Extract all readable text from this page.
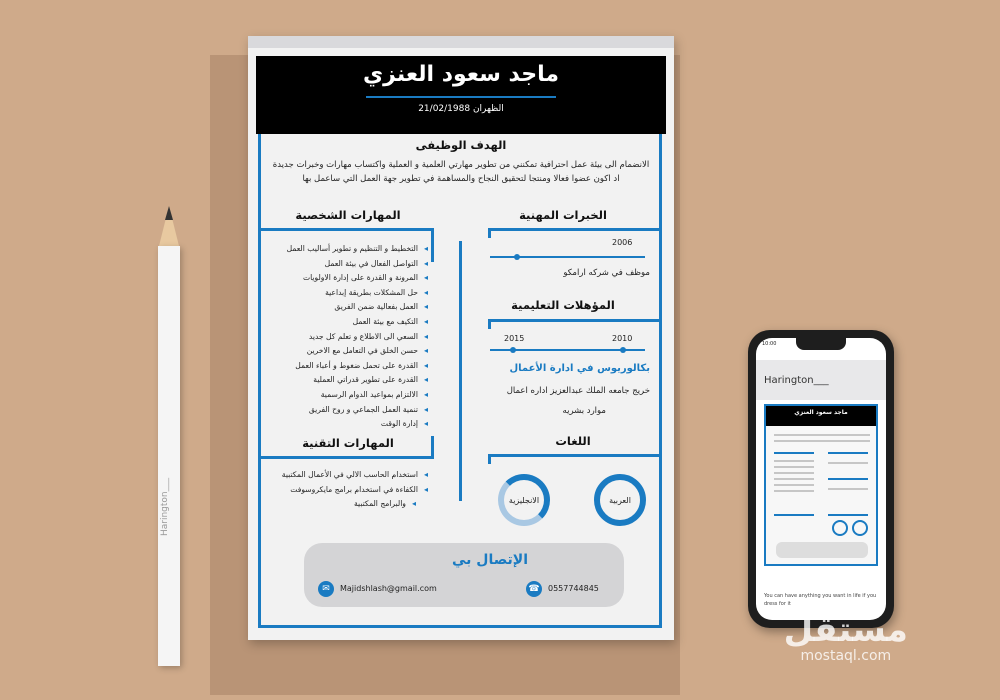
Harington___
ماجد سعود العنزي
الظهران 21/02/1988
الهدف الوظيفى
الانضمام الى بيئة عمل احترافية تمكنني من تطوير مهارتي العلمية و العملية واكتساب مهارات وخبرات جديدة اد اكون عضوا فعالا ومنتجا لتحقيق النجاح والمساهمة في تطوير جهة العمل التي ساعمل بها
المهارات الشخصية
◂ التخطيط و التنظيم و تطوير أساليب العمل
◂ التواصل الفعال في بيئة العمل
◂ المرونة و القدرة على إدارة الاولويات
◂ حل المشكلات بطريقة إبداعية
◂ العمل بفعالية ضمن الفريق
◂ التكيف مع بيئة العمل
◂ السعي الى الاطلاع و تعلم كل جديد
◂ حسن الخلق في التعامل مع الاخرين
◂ القدرة على تحمل ضغوط و أعباء العمل
◂ القدرة على تطوير قدراتي العملية
◂ الالتزام بمواعيد الدوام الرسمية
◂ تنمية العمل الجماعي و روح الفريق
◂ إدارة الوقت
المهارات التقنية
◂ استخدام الحاسب الالي في الأعمال المكتبية
◂ الكفاءة في استخدام برامج مايكروسوفت
◂ والبرامج المكتبية
الخبرات المهنية
2006
موظف في شركه ارامكو
المؤهلات التعليمية
2015	2010
بكالوريوس في ادارة الأعمال
خريج جامعه الملك عبدالعزيز اداره اعمال
موارد بشريه
اللغات
العربية
الانجليزية
الإتصال بي
✉	Majidshlash@gmail.com	☎ 0557744845
10:00
Harington___
ماجد سعود العنزي
You can have anything you want in life if you dress for it
مستقل
mostaql.com
